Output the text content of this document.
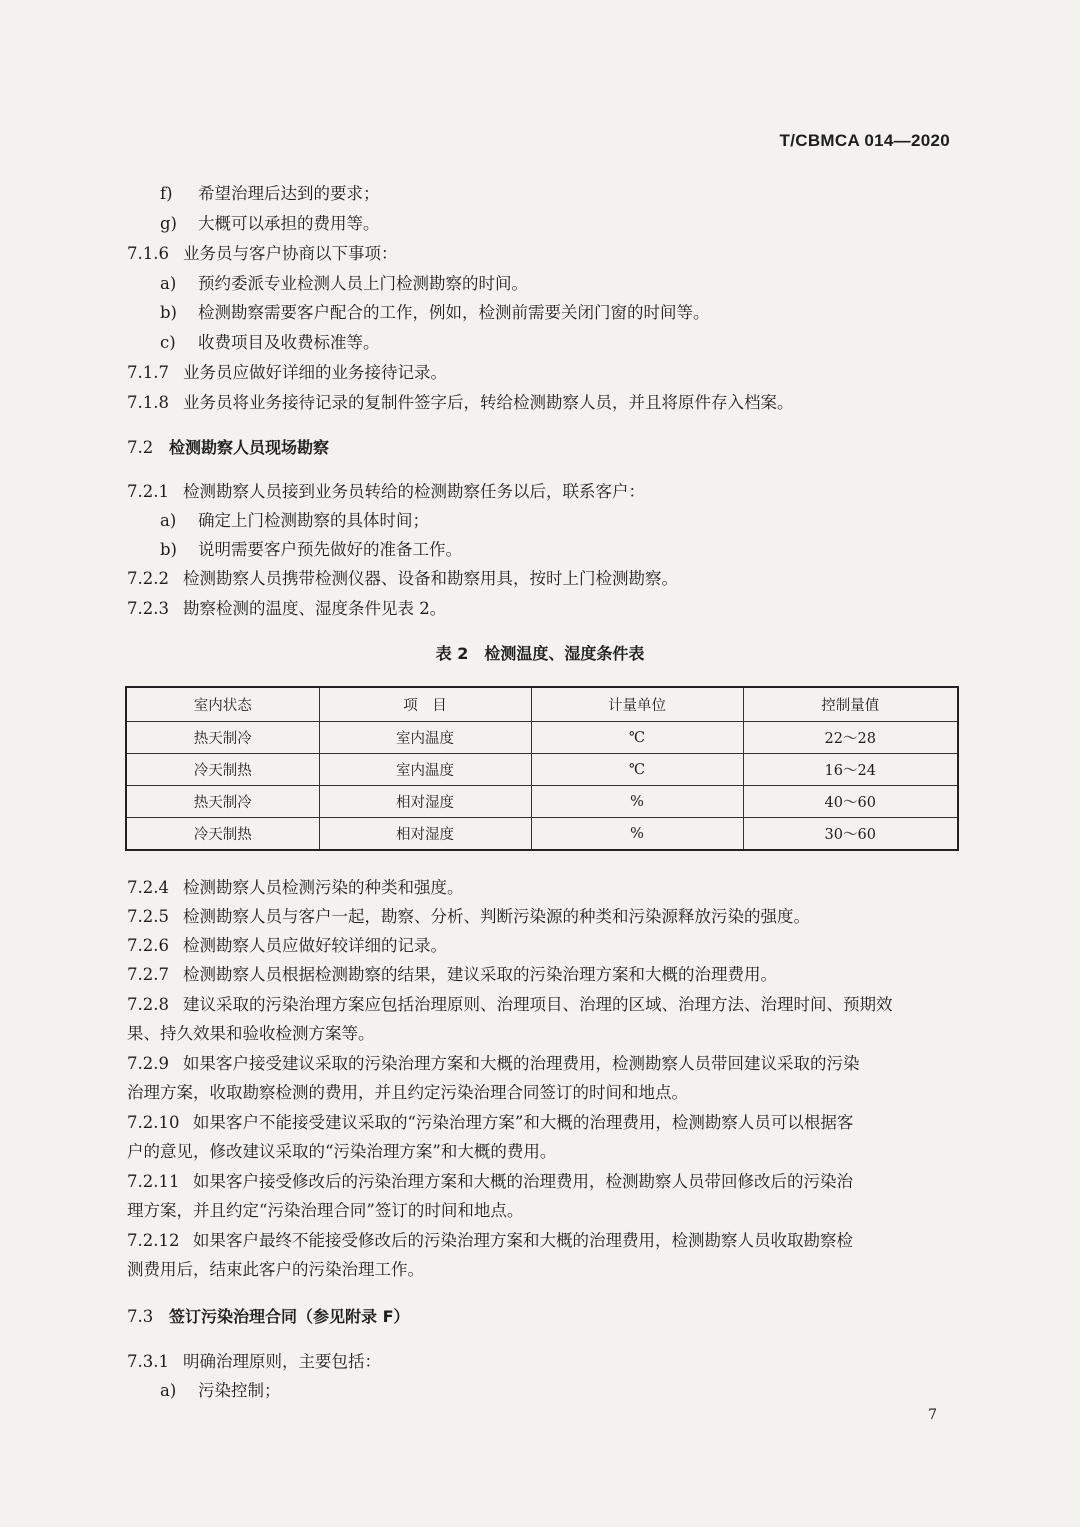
T/CBMCA 014—2020
f) 希望治理后达到的要求；
g) 大概可以承担的费用等。
7.1.6 业务员与客户协商以下事项：
a) 预约委派专业检测人员上门检测勘察的时间。
b) 检测勘察需要客户配合的工作，例如，检测前需要关闭门窗的时间等。
c) 收费项目及收费标准等。
7.1.7 业务员应做好详细的业务接待记录。
7.1.8 业务员将业务接待记录的复制件签字后，转给检测勘察人员，并且将原件存入档案。
7.2 检测勘察人员现场勘察
7.2.1 检测勘察人员接到业务员转给的检测勘察任务以后，联系客户：
a) 确定上门检测勘察的具体时间；
b) 说明需要客户预先做好的准备工作。
7.2.2 检测勘察人员携带检测仪器、设备和勘察用具，按时上门检测勘察。
7.2.3 勘察检测的温度、湿度条件见表 2。
表 2　检测温度、湿度条件表
室内状态	项　目	计量单位	控制量值
热天制冷	室内温度	℃	22～28
冷天制热	室内温度	℃	16～24
热天制冷	相对湿度	%	40～60
冷天制热	相对湿度	%	30～60
7.2.4 检测勘察人员检测污染的种类和强度。
7.2.5 检测勘察人员与客户一起，勘察、分析、判断污染源的种类和污染源释放污染的强度。
7.2.6 检测勘察人员应做好较详细的记录。
7.2.7 检测勘察人员根据检测勘察的结果，建议采取的污染治理方案和大概的治理费用。
7.2.8 建议采取的污染治理方案应包括治理原则、治理项目、治理的区域、治理方法、治理时间、预期效
果、持久效果和验收检测方案等。
7.2.9 如果客户接受建议采取的污染治理方案和大概的治理费用，检测勘察人员带回建议采取的污染
治理方案，收取勘察检测的费用，并且约定污染治理合同签订的时间和地点。
7.2.10 如果客户不能接受建议采取的“污染治理方案”和大概的治理费用，检测勘察人员可以根据客
户的意见，修改建议采取的“污染治理方案”和大概的费用。
7.2.11 如果客户接受修改后的污染治理方案和大概的治理费用，检测勘察人员带回修改后的污染治
理方案，并且约定“污染治理合同”签订的时间和地点。
7.2.12 如果客户最终不能接受修改后的污染治理方案和大概的治理费用，检测勘察人员收取勘察检
测费用后，结束此客户的污染治理工作。
7.3 签订污染治理合同（参见附录 F）
7.3.1 明确治理原则，主要包括：
a) 污染控制；
7
